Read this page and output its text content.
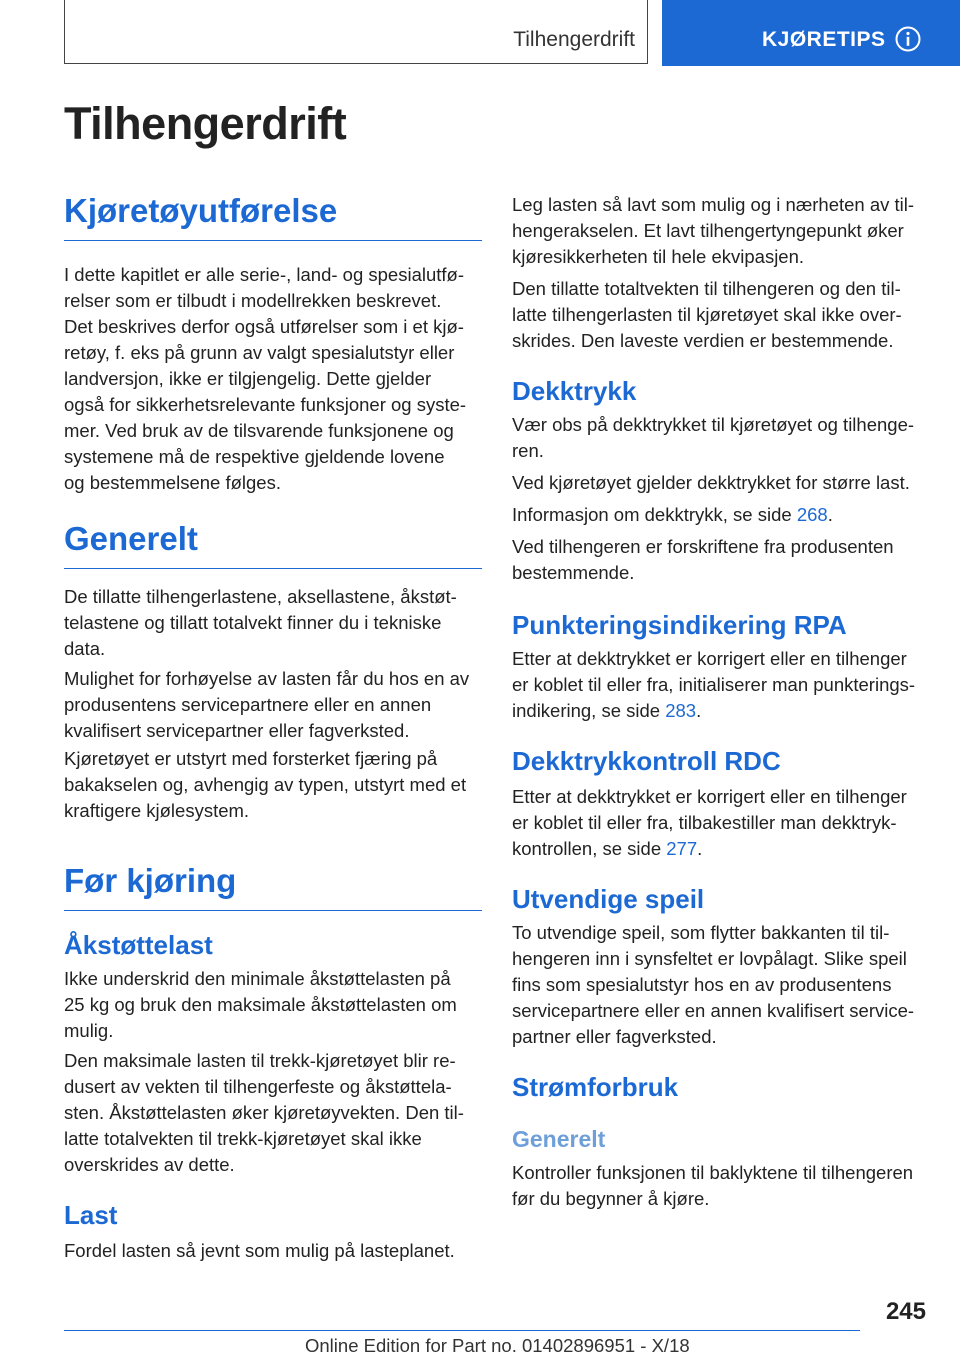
Tilhengerdrift	KJØRETIPS
Tilhengerdrift
Kjøretøyutførelse

I dette kapitlet er alle serie-, land- og spesialutfø-
relser som er tilbudt i modellrekken beskrevet.
Det beskrives derfor også utførelser som i et kjø-
retøy, f. eks på grunn av valgt spesialutstyr eller
landversjon, ikke er tilgjengelig. Dette gjelder
også for sikkerhetsrelevante funksjoner og syste-
mer. Ved bruk av de tilsvarende funksjonene og
systemene må de respektive gjeldende lovene
og bestemmelsene følges.

Generelt

De tillatte tilhengerlastene, aksellastene, åkstøt-
telastene og tillatt totalvekt finner du i tekniske
data.

Mulighet for forhøyelse av lasten får du hos en av
produsentens servicepartnere eller en annen
kvalifisert servicepartner eller fagverksted.

Kjøretøyet er utstyrt med forsterket fjæring på
bakakselen og, avhengig av typen, utstyrt med et
kraftigere kjølesystem.

Før kjøring
Åkstøttelast

Ikke underskrid den minimale åkstøttelasten på
25 kg og bruk den maksimale åkstøttelasten om
mulig.

Den maksimale lasten til trekk-kjøretøyet blir re-
dusert av vekten til tilhengerfeste og åkstøttela-
sten. Åkstøttelasten øker kjøretøyvekten. Den til-
latte totalvekten til trekk-kjøretøyet skal ikke
overskrides av dette.

Last

Fordel lasten så jevnt som mulig på lasteplanet.

Leg lasten så lavt som mulig og i nærheten av til-
hengerakselen. Et lavt tilhengertyngepunkt øker
kjøresikkerheten til hele ekvipasjen.

Den tillatte totaltvekten til tilhengeren og den til-
latte tilhengerlasten til kjøretøyet skal ikke over-
skrides. Den laveste verdien er bestemmende.

Dekktrykk

Vær obs på dekktrykket til kjøretøyet og tilhenge-
ren.

Ved kjøretøyet gjelder dekktrykket for større last.

Informasjon om dekktrykk, se side 268.

Ved tilhengeren er forskriftene fra produsenten
bestemmende.

Punkteringsindikering RPA

Etter at dekktrykket er korrigert eller en tilhenger
er koblet til eller fra, initialiserer man punkterings-
indikering, se side 283.

Dekktrykkontroll RDC

Etter at dekktrykket er korrigert eller en tilhenger
er koblet til eller fra, tilbakestiller man dekktryk-
kontrollen, se side 277.

Utvendige speil

To utvendige speil, som flytter bakkanten til til-
hengeren inn i synsfeltet er lovpålagt. Slike speil
fins som spesialutstyr hos en av produsentens
servicepartnere eller en annen kvalifisert service-
partner eller fagverksted.

Strømforbruk
Generelt

Kontroller funksjonen til baklyktene til tilhengeren
før du begynner å kjøre.

245
Online Edition for Part no. 01402896951 - X/18
